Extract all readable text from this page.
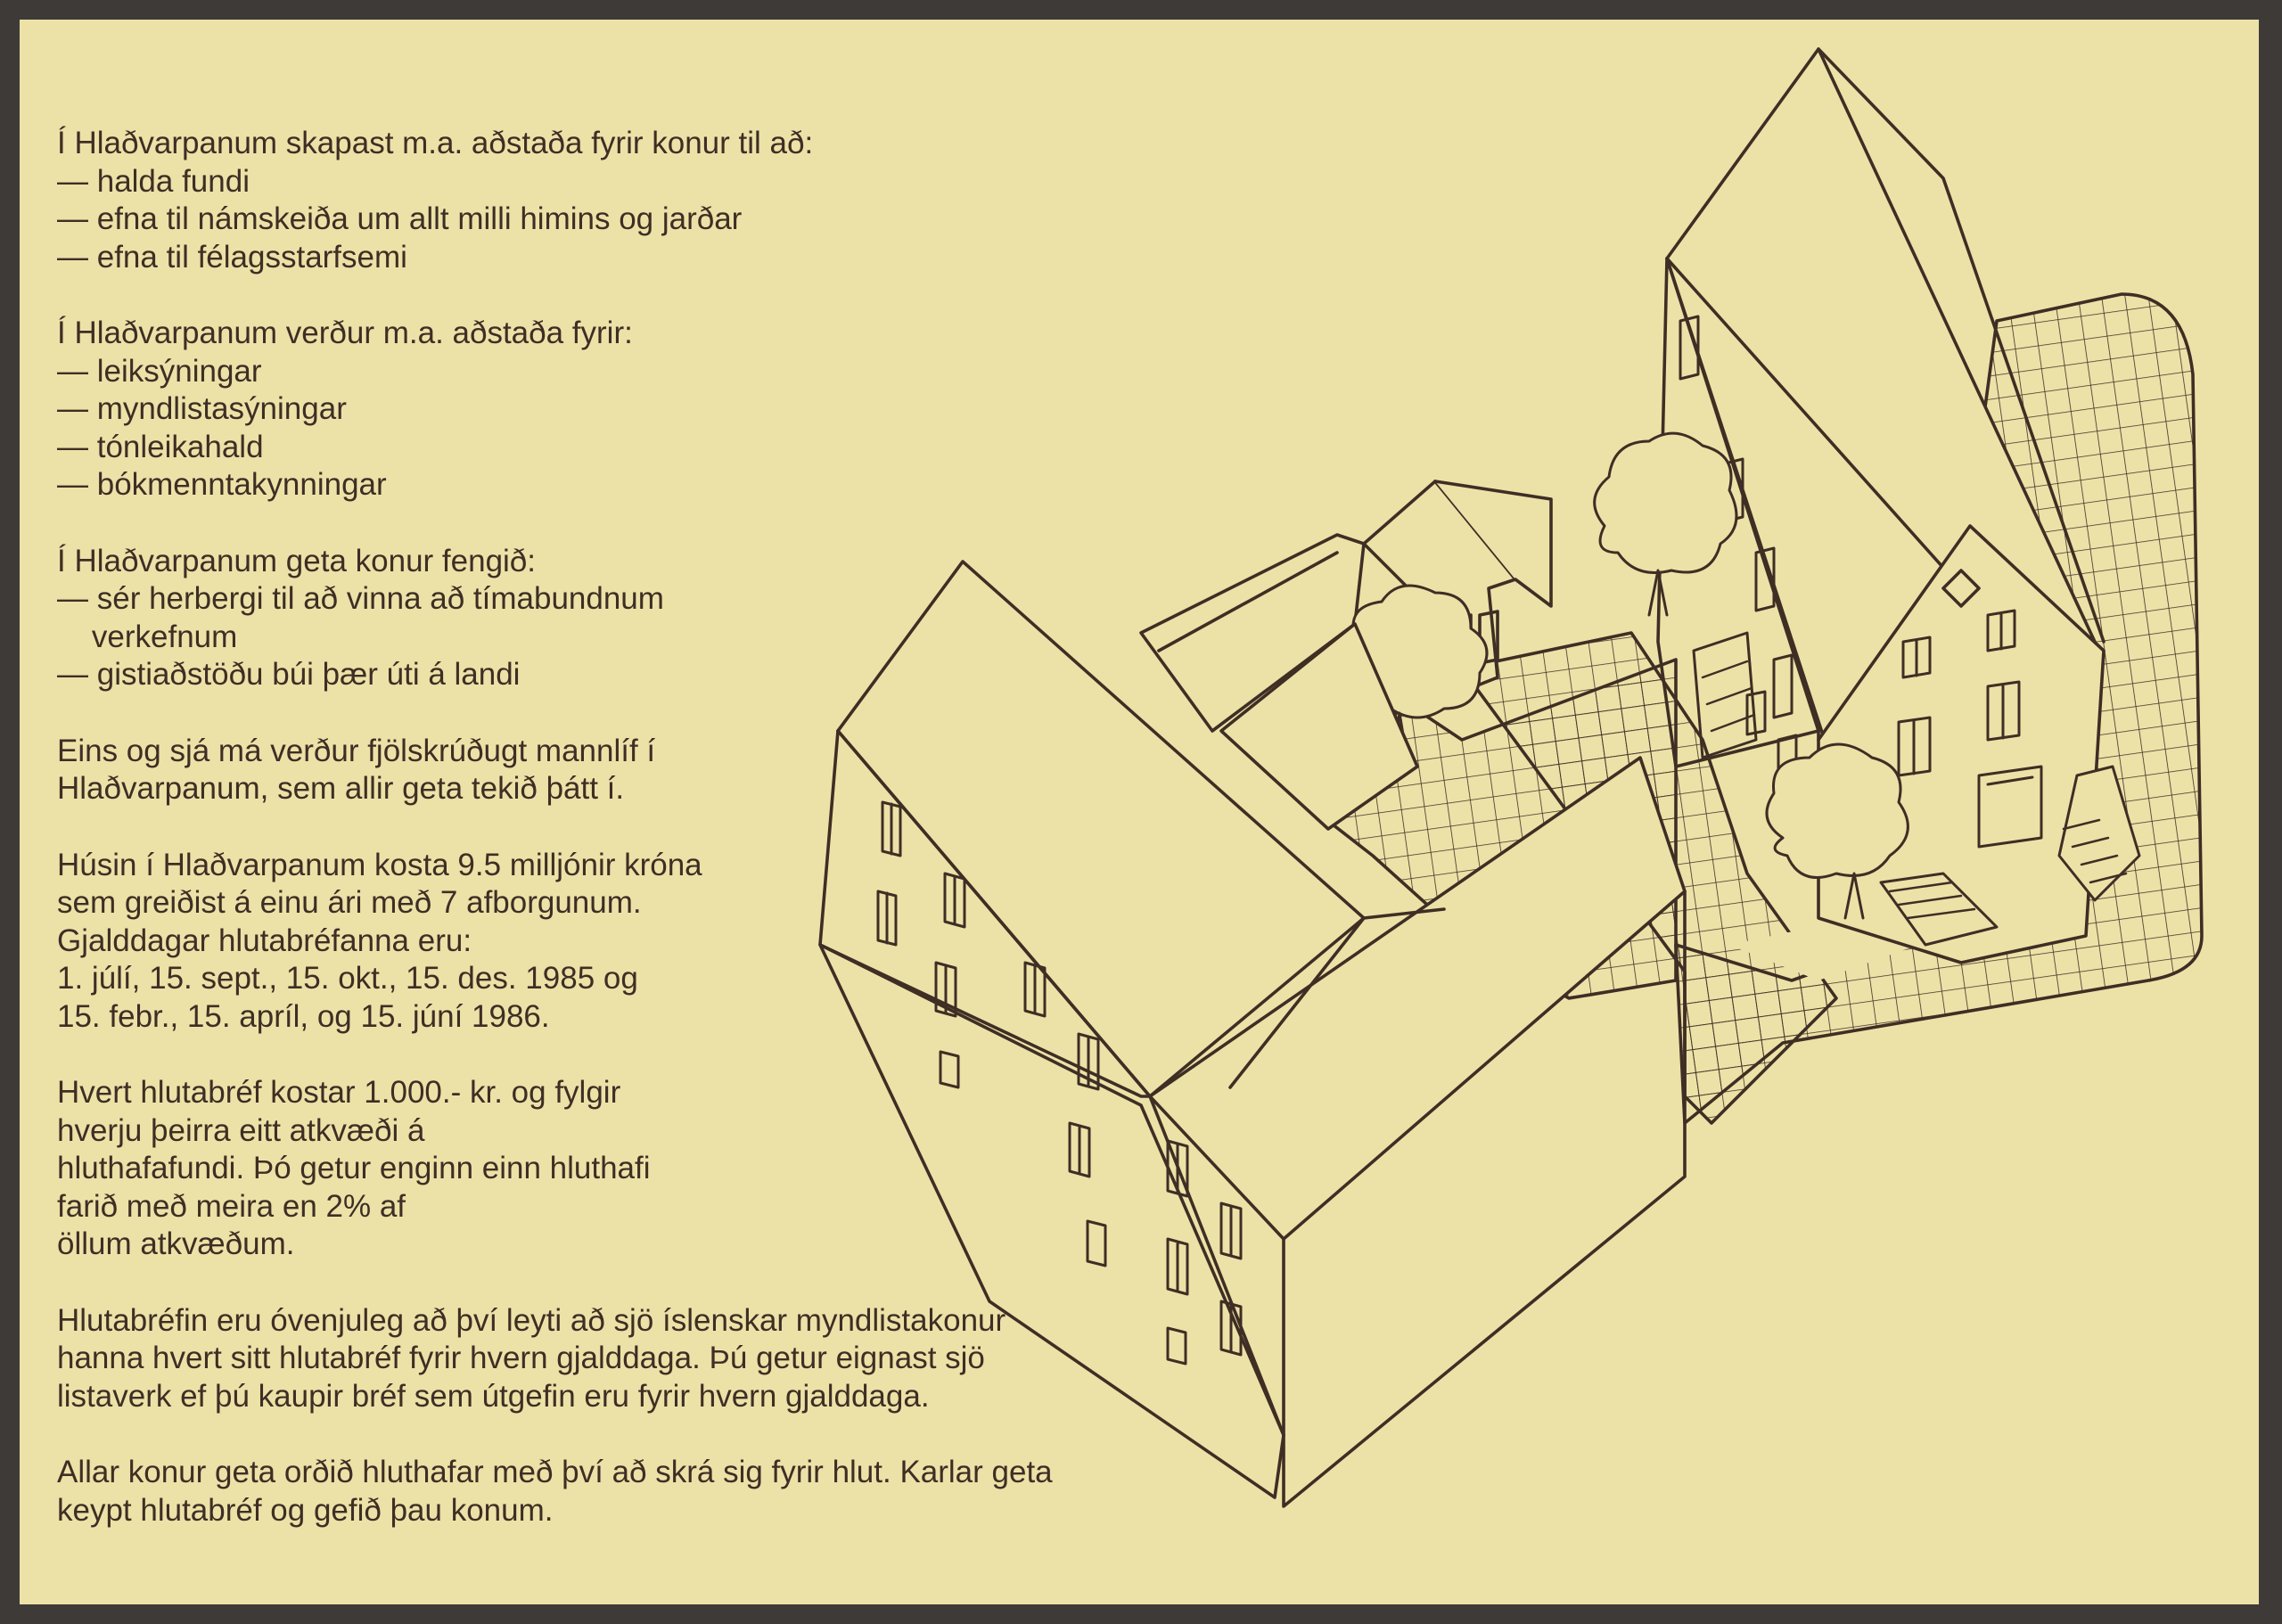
Í Hlaðvarpanum skapast m.a. aðstaða fyrir konur til að:

— halda fundi

— efna til námskeiða um allt milli himins og jarðar

— efna til félagsstarfsemi

Í Hlaðvarpanum verður m.a. aðstaða fyrir:

— leiksýningar

— myndlistasýningar

— tónleikahald

— bókmenntakynningar

Í Hlaðvarpanum geta konur fengið:

— sér herbergi til að vinna að tímabundnum

verkefnum

— gistiaðstöðu búi þær úti á landi

Eins og sjá má verður fjölskrúðugt mannlíf í

Hlaðvarpanum, sem allir geta tekið þátt í.

Húsin í Hlaðvarpanum kosta 9.5 milljónir króna

sem greiðist á einu ári með 7 afborgunum.

Gjalddagar hlutabréfanna eru:

1. júlí, 15. sept., 15. okt., 15. des. 1985 og

15. febr., 15. apríl, og 15. júní 1986.

Hvert hlutabréf kostar 1.000.- kr. og fylgir

hverju þeirra eitt atkvæði á

hluthafafundi. Þó getur enginn einn hluthafi

farið með meira en 2% af

öllum atkvæðum.

Hlutabréfin eru óvenjuleg að því leyti að sjö íslenskar myndlistakonur

hanna hvert sitt hlutabréf fyrir hvern gjalddaga. Þú getur eignast sjö

listaverk ef þú kaupir bréf sem útgefin eru fyrir hvern gjalddaga.

Allar konur geta orðið hluthafar með því að skrá sig fyrir hlut. Karlar geta

keypt hlutabréf og gefið þau konum.
